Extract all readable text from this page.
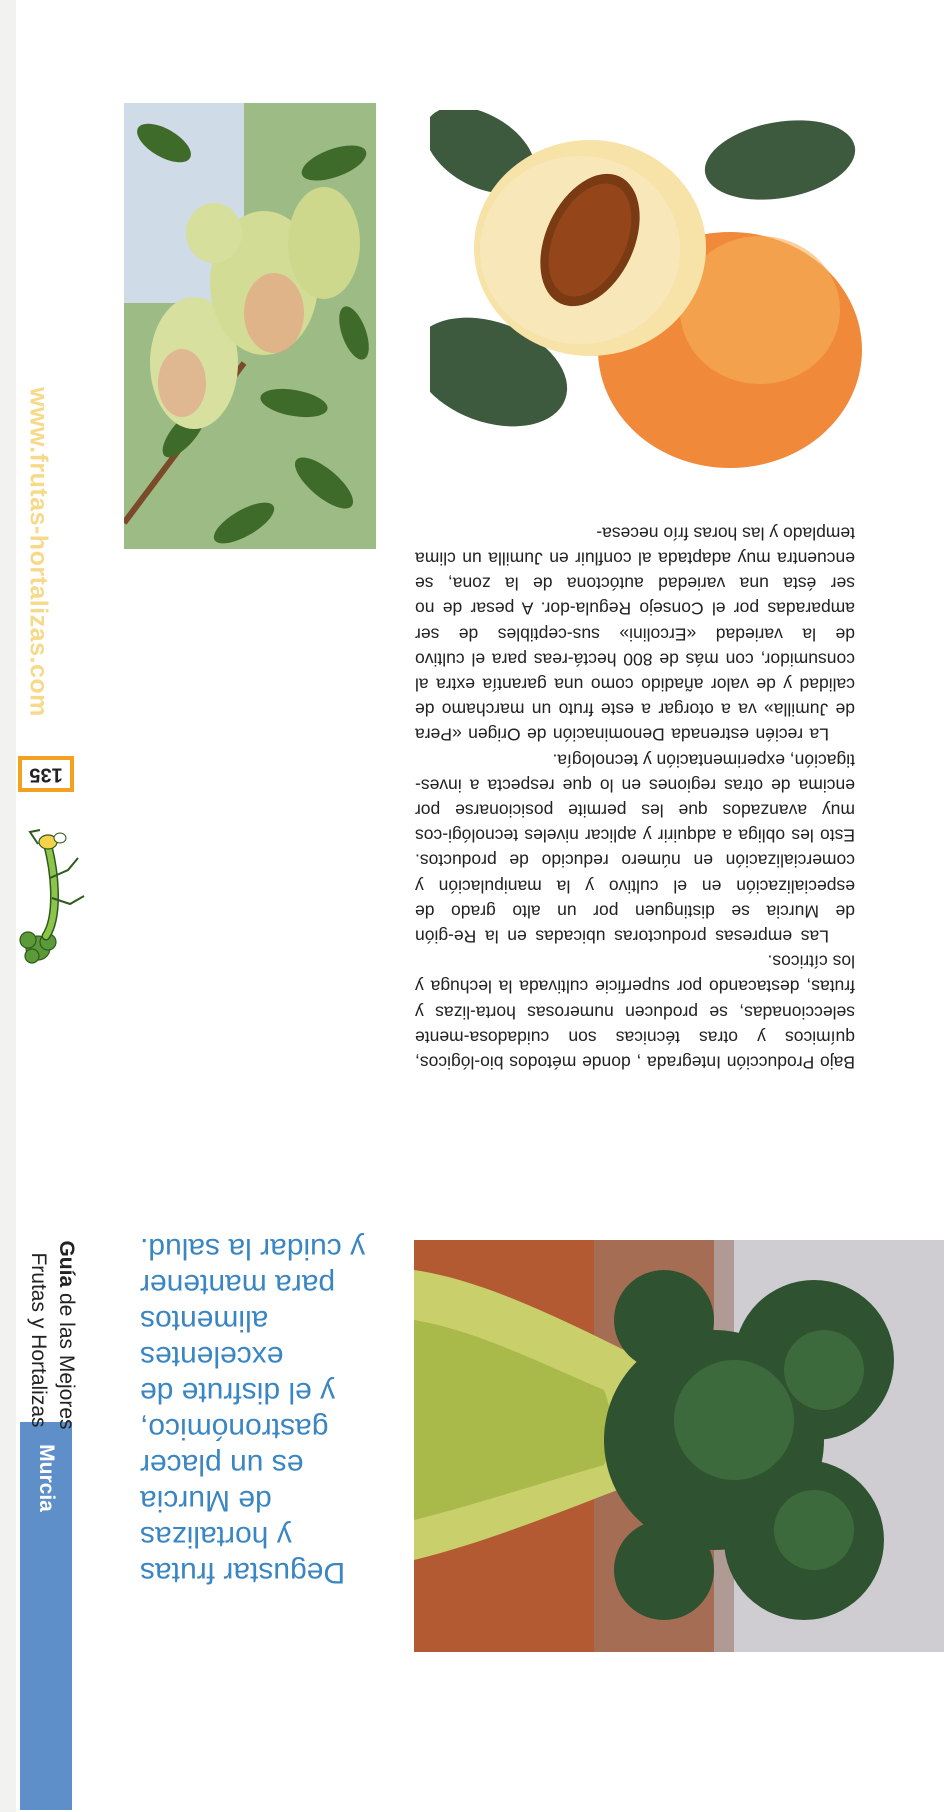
Murcia
Guía de las Mejores
Frutas y Hortalizas
135
www.frutas-hortalizas.com

Bajo Producción Integrada , donde métodos bio-lógicos, químicos y otras técnicas son cuidadosa-mente seleccionadas, se producen numerosas horta-lizas y frutas, destacando por superficie cultivada la lechuga y los cítricos.

Las empresas productoras ubicadas en la Re-gión de Murcia se distinguen por un alto grado de especialización en el cultivo y la manipulación y comercialización en número reducido de productos. Esto les obliga a adquirir y aplicar niveles tecnológi-cos muy avanzados que les permite posicionarse por encima de otras regiones en lo que respecta a inves-tigación, experimentación y tecnología.

La recién estrenada Denominación de Origen «Pera de Jumilla» va a otorgar a este fruto un marchamo de calidad y de valor añadido como una garantía extra al consumidor, con más de 800 hectá-reas para el cultivo de la variedad «Ercolini» sus-ceptibles de ser amparadas por el Consejo Regula-dor. A pesar de no ser ésta una variedad autóctona de la zona, se encuentra muy adaptada al confluir en Jumilla un clima templado y las horas frío necesa-

Degustar frutas
y hortalizas
de Murcia
es un placer
gastronómico,
y el disfrute de
excelentes
alimentos
para mantener
y cuidar la salud.
